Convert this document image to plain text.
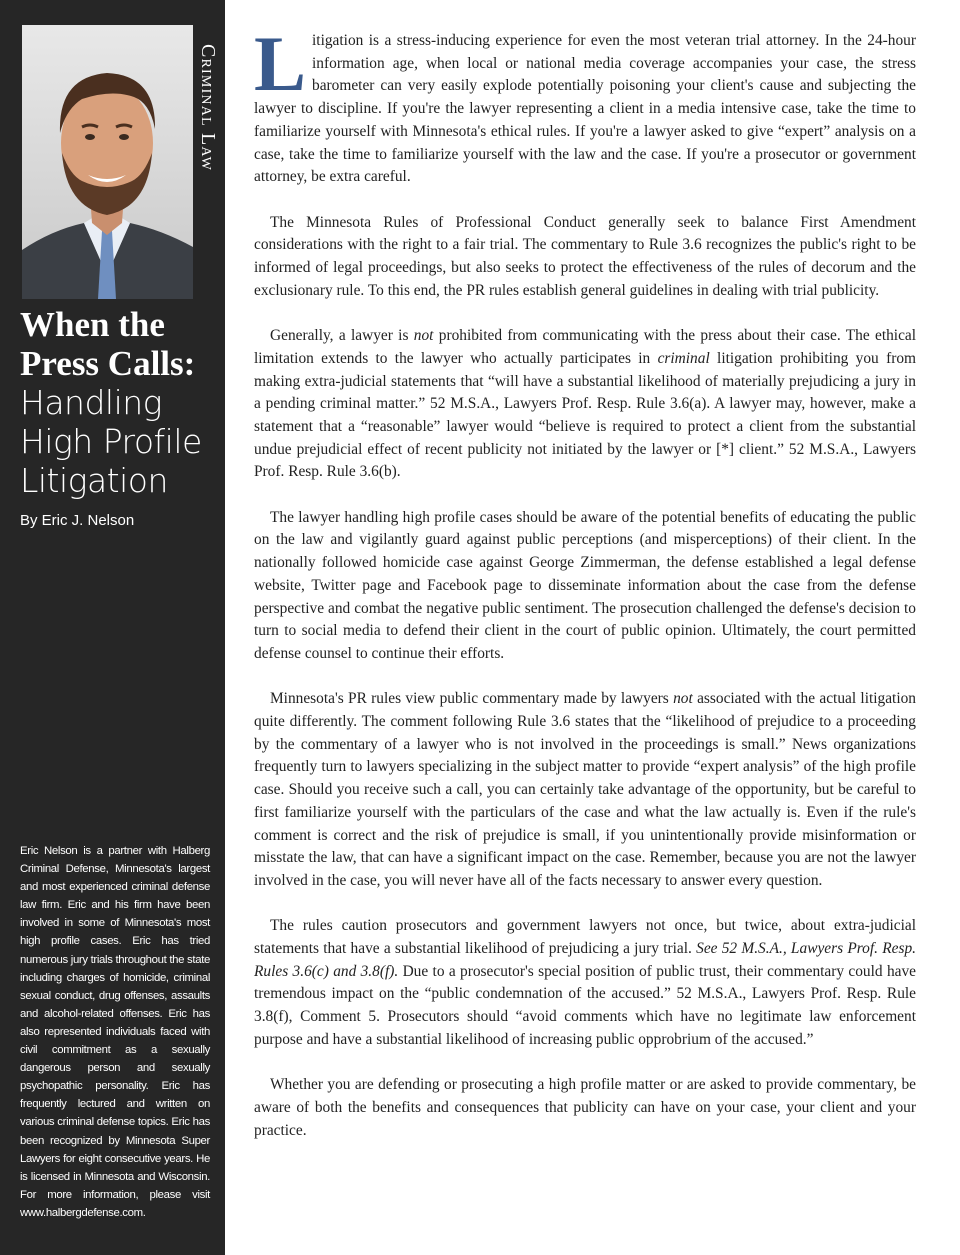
Criminal Law

When the

Press Calls:

Handling

High Profile

Litigation

By Eric J. Nelson
Eric Nelson is a partner with Halberg Criminal Defense, Minnesota's largest and most experienced criminal defense law firm. Eric and his firm have been involved in some of Minnesota's most high profile cases. Eric has tried numerous jury trials throughout the state including charges of homicide, criminal sexual conduct, drug offenses, assaults and alcohol-related offenses. Eric has also represented individuals faced with civil commitment as a sexually dangerous person and sexually psychopathic personality. Eric has frequently lectured and written on various criminal defense topics. Eric has been recognized by Minnesota Super Lawyers for eight consecutive years. He is licensed in Minnesota and Wisconsin. For more information, please visit www.halbergdefense.com.

Litigation is a stress-inducing experience for even the most veteran trial attorney. In the 24-hour information age, when local or national media coverage accompanies your case, the stress barometer can very easily explode potentially poisoning your client's cause and subjecting the lawyer to discipline. If you're the lawyer representing a client in a media intensive case, take the time to familiarize yourself with Minnesota's ethical rules. If you're a lawyer asked to give “expert” analysis on a case, take the time to familiarize yourself with the law and the case. If you're a prosecutor or government attorney, be extra careful.

The Minnesota Rules of Professional Conduct generally seek to balance First Amendment considerations with the right to a fair trial. The commentary to Rule 3.6 recognizes the public's right to be informed of legal proceedings, but also seeks to protect the effectiveness of the rules of decorum and the exclusionary rule. To this end, the PR rules establish general guidelines in dealing with trial publicity.

Generally, a lawyer is not prohibited from communicating with the press about their case. The ethical limitation extends to the lawyer who actually participates in criminal litigation prohibiting you from making extra-judicial statements that “will have a substantial likelihood of materially prejudicing a jury in a pending criminal matter.” 52 M.S.A., Lawyers Prof. Resp. Rule 3.6(a). A lawyer may, however, make a statement that a “reasonable” lawyer would “believe is required to protect a client from the substantial undue prejudicial effect of recent publicity not initiated by the lawyer or [*] client.” 52 M.S.A., Lawyers Prof. Resp. Rule 3.6(b).

The lawyer handling high profile cases should be aware of the potential benefits of educating the public on the law and vigilantly guard against public perceptions (and misperceptions) of their client. In the nationally followed homicide case against George Zimmerman, the defense established a legal defense website, Twitter page and Facebook page to disseminate information about the case from the defense perspective and combat the negative public sentiment. The prosecution challenged the defense's decision to turn to social media to defend their client in the court of public opinion. Ultimately, the court permitted defense counsel to continue their efforts.

Minnesota's PR rules view public commentary made by lawyers not associated with the actual litigation quite differently. The comment following Rule 3.6 states that the “likelihood of prejudice to a proceeding by the commentary of a lawyer who is not involved in the proceedings is small.” News organizations frequently turn to lawyers specializing in the subject matter to provide “expert analysis” of the high profile case. Should you receive such a call, you can certainly take advantage of the opportunity, but be careful to first familiarize yourself with the particulars of the case and what the law actually is. Even if the rule's comment is correct and the risk of prejudice is small, if you unintentionally provide misinformation or misstate the law, that can have a significant impact on the case. Remember, because you are not the lawyer involved in the case, you will never have all of the facts necessary to answer every question.

The rules caution prosecutors and government lawyers not once, but twice, about extra-judicial statements that have a substantial likelihood of prejudicing a jury trial. See 52 M.S.A., Lawyers Prof. Resp. Rules 3.6(c) and 3.8(f). Due to a prosecutor's special position of public trust, their commentary could have tremendous impact on the “public condemnation of the accused.” 52 M.S.A., Lawyers Prof. Resp. Rule 3.8(f), Comment 5. Prosecutors should “avoid comments which have no legitimate law enforcement purpose and have a substantial likelihood of increasing public opprobrium of the accused.”

Whether you are defending or prosecuting a high profile matter or are asked to provide commentary, be aware of both the benefits and consequences that publicity can have on your case, your client and your practice.
